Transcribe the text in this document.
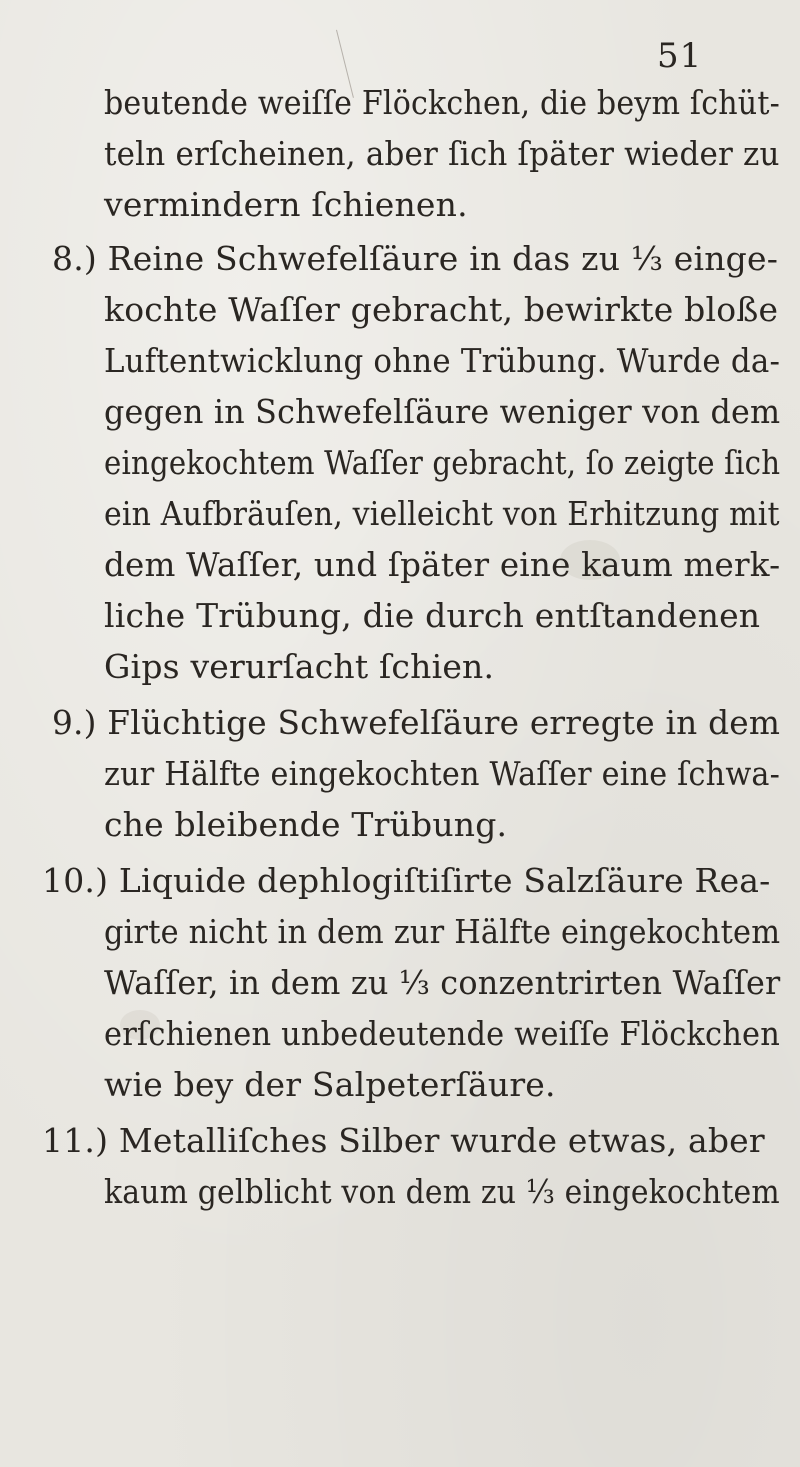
51
beutende weiſſe Flöckchen, die beym ſchüt-
teln erſcheinen, aber ſich ſpäter wieder zu
vermindern ſchienen.
8.) Reine Schwefelſäure in das zu ⅓ einge-
kochte Waſſer gebracht, bewirkte bloße
Luftentwicklung ohne Trübung. Wurde da-
gegen in Schwefelſäure weniger von dem
eingekochtem Waſſer gebracht, ſo zeigte ſich
ein Aufbräuſen, vielleicht von Erhitzung mit
dem Waſſer, und ſpäter eine kaum merk-
liche Trübung, die durch entſtandenen
Gips verurſacht ſchien.
9.) Flüchtige Schwefelſäure erregte in dem
zur Hälfte eingekochten Waſſer eine ſchwa-
che bleibende Trübung.
10.) Liquide dephlogiſtiſirte Salzſäure Rea-
girte nicht in dem zur Hälfte eingekochtem
Waſſer, in dem zu ⅓ conzentrirten Waſſer
erſchienen unbedeutende weiſſe Flöckchen
wie bey der Salpeterſäure.
11.) Metalliſches Silber wurde etwas, aber
kaum gelblicht von dem zu ⅓ eingekochtem
